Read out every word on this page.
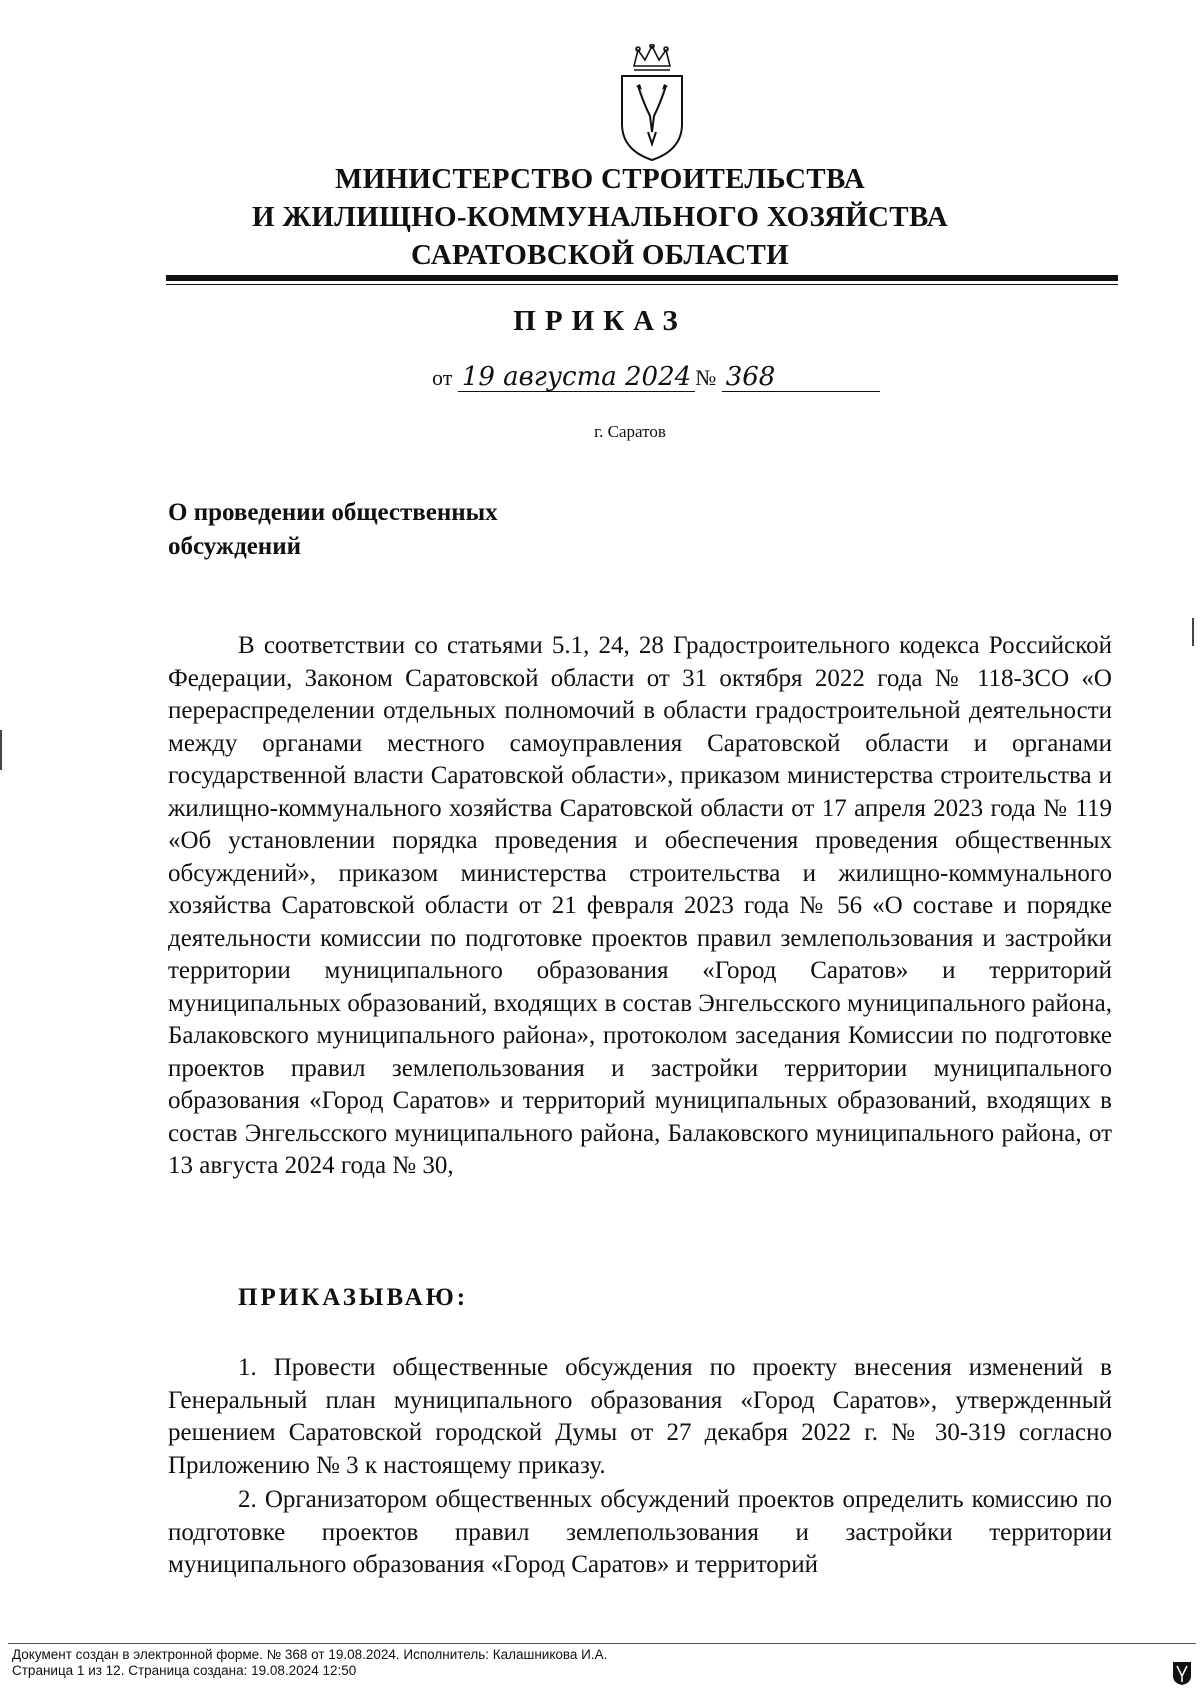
МИНИСТЕРСТВО СТРОИТЕЛЬСТВА
И ЖИЛИЩНО-КОММУНАЛЬНОГО ХОЗЯЙСТВА
САРАТОВСКОЙ ОБЛАСТИ
ПРИКАЗ
от 19 августа 2024 № 368
г. Саратов
О проведении общественных
обсуждений

В соответствии со статьями 5.1, 24, 28 Градостроительного кодекса Российской Федерации, Законом Саратовской области от 31 октября 2022 года № 118-ЗСО «О перераспределении отдельных полномочий в области градостроительной деятельности между органами местного самоуправления Саратовской области и органами государственной власти Саратовской области», приказом министерства строительства и жилищно-коммунального хозяйства Саратовской области от 17 апреля 2023 года № 119 «Об установлении порядка проведения и обеспечения проведения общественных обсуждений», приказом министерства строительства и жилищно-коммунального хозяйства Саратовской области от 21 февраля 2023 года № 56 «О составе и порядке деятельности комиссии по подготовке проектов правил землепользования и застройки территории муниципального образования «Город Саратов» и территорий муниципальных образований, входящих в состав Энгельсского муниципального района, Балаковского муниципального района», протоколом заседания Комиссии по подготовке проектов правил землепользования и застройки территории муниципального образования «Город Саратов» и территорий муниципальных образований, входящих в состав Энгельсского муниципального района, Балаковского муниципального района, от 13 августа 2024 года № 30,

ПРИКАЗЫВАЮ:

1. Провести общественные обсуждения по проекту внесения изменений в Генеральный план муниципального образования «Город Саратов», утвержденный решением Саратовской городской Думы от 27 декабря 2022 г. № 30-319 согласно Приложению № 3 к настоящему приказу.

2. Организатором общественных обсуждений проектов определить комиссию по подготовке проектов правил землепользования и застройки территории муниципального образования «Город Саратов» и территорий

Документ создан в электронной форме. № 368 от 19.08.2024. Исполнитель: Калашникова И.А.
Страница 1 из 12. Страница создана: 19.08.2024 12:50
